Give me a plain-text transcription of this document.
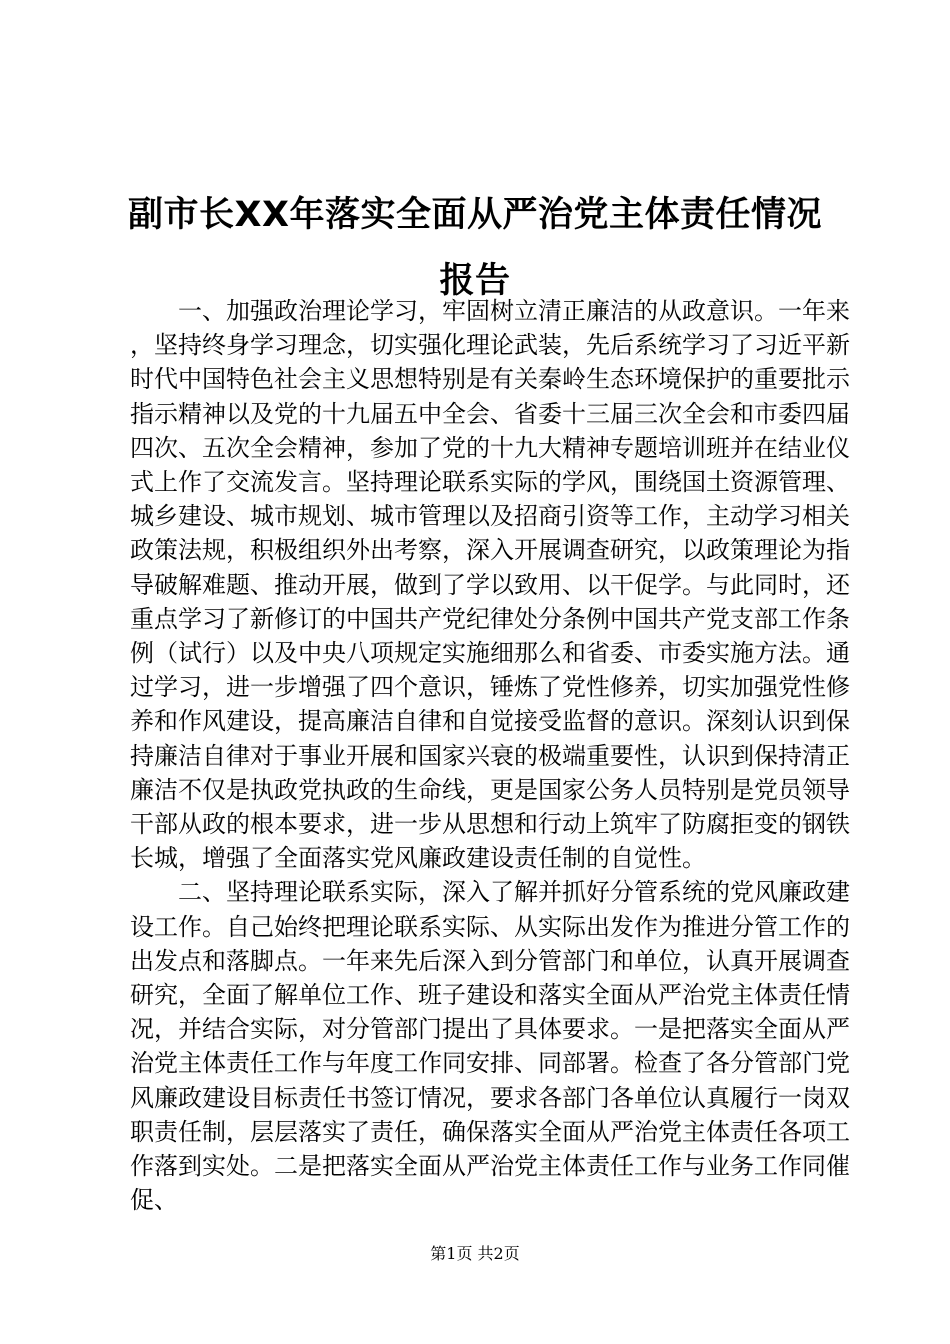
副市长XX年落实全面从严治党主体责任情况
报告

一、加强政治理论学习，牢固树立清正廉洁的从政意识。一年来，坚持终身学习理念，切实强化理论武装，先后系统学习了习近平新时代中国特色社会主义思想特别是有关秦岭生态环境保护的重要批示指示精神以及党的十九届五中全会、省委十三届三次全会和市委四届四次、五次全会精神，参加了党的十九大精神专题培训班并在结业仪式上作了交流发言。坚持理论联系实际的学风，围绕国土资源管理、城乡建设、城市规划、城市管理以及招商引资等工作，主动学习相关政策法规，积极组织外出考察，深入开展调查研究，以政策理论为指导破解难题、推动开展，做到了学以致用、以干促学。与此同时，还重点学习了新修订的中国共产党纪律处分条例中国共产党支部工作条例（试行）以及中央八项规定实施细那么和省委、市委实施方法。通过学习，进一步增强了四个意识，锤炼了党性修养，切实加强党性修养和作风建设，提高廉洁自律和自觉接受监督的意识。深刻认识到保持廉洁自律对于事业开展和国家兴衰的极端重要性，认识到保持清正廉洁不仅是执政党执政的生命线，更是国家公务人员特别是党员领导干部从政的根本要求，进一步从思想和行动上筑牢了防腐拒变的钢铁长城，增强了全面落实党风廉政建设责任制的自觉性。

二、坚持理论联系实际，深入了解并抓好分管系统的党风廉政建设工作。自己始终把理论联系实际、从实际出发作为推进分管工作的出发点和落脚点。一年来先后深入到分管部门和单位，认真开展调查研究，全面了解单位工作、班子建设和落实全面从严治党主体责任情况，并结合实际，对分管部门提出了具体要求。一是把落实全面从严治党主体责任工作与年度工作同安排、同部署。检查了各分管部门党风廉政建设目标责任书签订情况，要求各部门各单位认真履行一岗双职责任制，层层落实了责任，确保落实全面从严治党主体责任各项工作落到实处。二是把落实全面从严治党主体责任工作与业务工作同催促、

第1页 共2页
